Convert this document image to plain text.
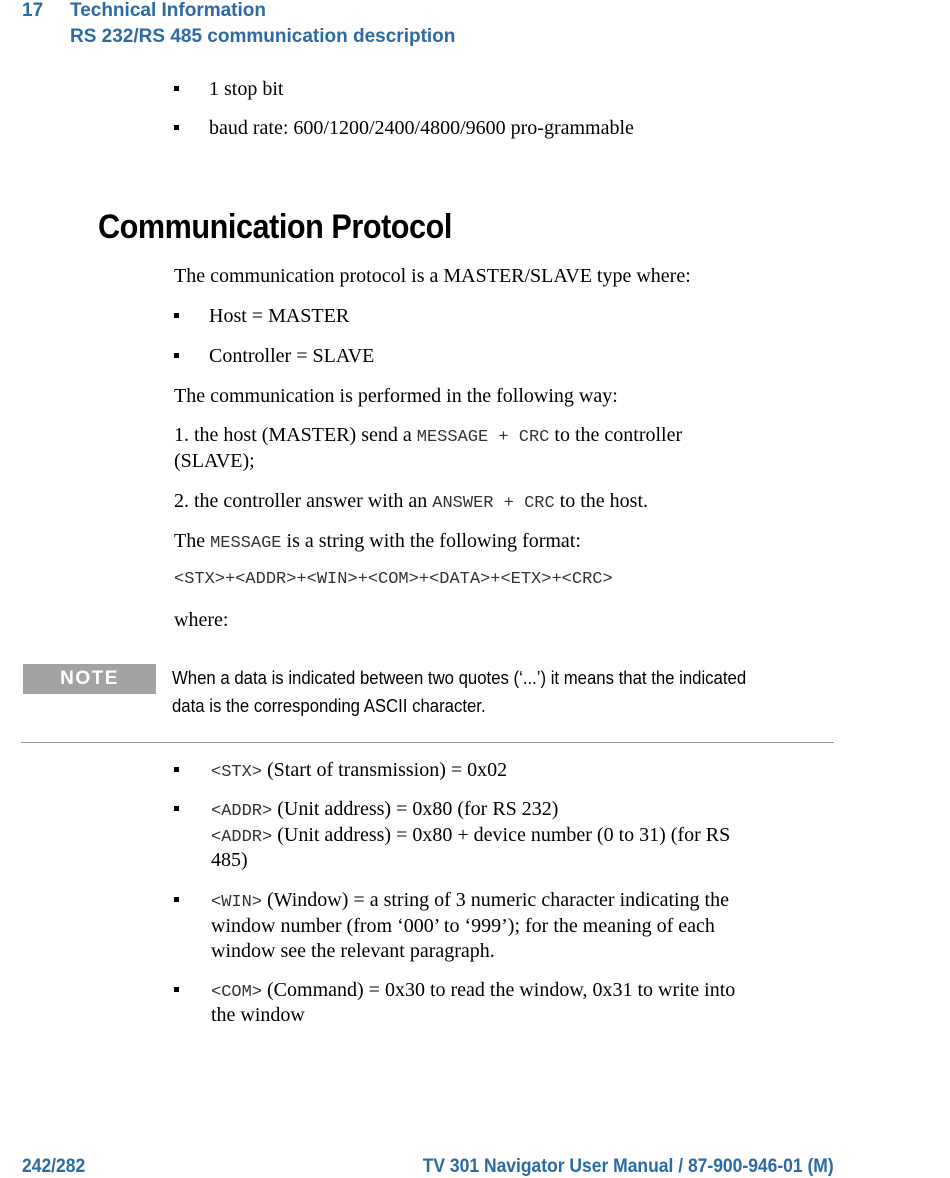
17 Technical Information
RS 232/RS 485 communication description
1 stop bit
baud rate: 600/1200/2400/4800/9600 pro-grammable
Communication Protocol
The communication protocol is a MASTER/SLAVE type where:
Host = MASTER
Controller = SLAVE
The communication is performed in the following way:
1. the host (MASTER) send a MESSAGE + CRC to the controller
(SLAVE);
2. the controller answer with an ANSWER + CRC to the host.
The MESSAGE is a string with the following format:
<STX>+<ADDR>+<WIN>+<COM>+<DATA>+<ETX>+<CRC>
where:
NOTE	When a data is indicated between two quotes (‘...’) it means that the indicated
data is the corresponding ASCII character.
<STX> (Start of transmission) = 0x02
<ADDR> (Unit address) = 0x80 (for RS 232)
<ADDR> (Unit address) = 0x80 + device number (0 to 31) (for RS
485)
<WIN> (Window) = a string of 3 numeric character indicating the
window number (from ‘000’ to ‘999’); for the meaning of each
window see the relevant paragraph.
<COM> (Command) = 0x30 to read the window, 0x31 to write into
the window
242/282	TV 301 Navigator User Manual / 87-900-946-01 (M)
